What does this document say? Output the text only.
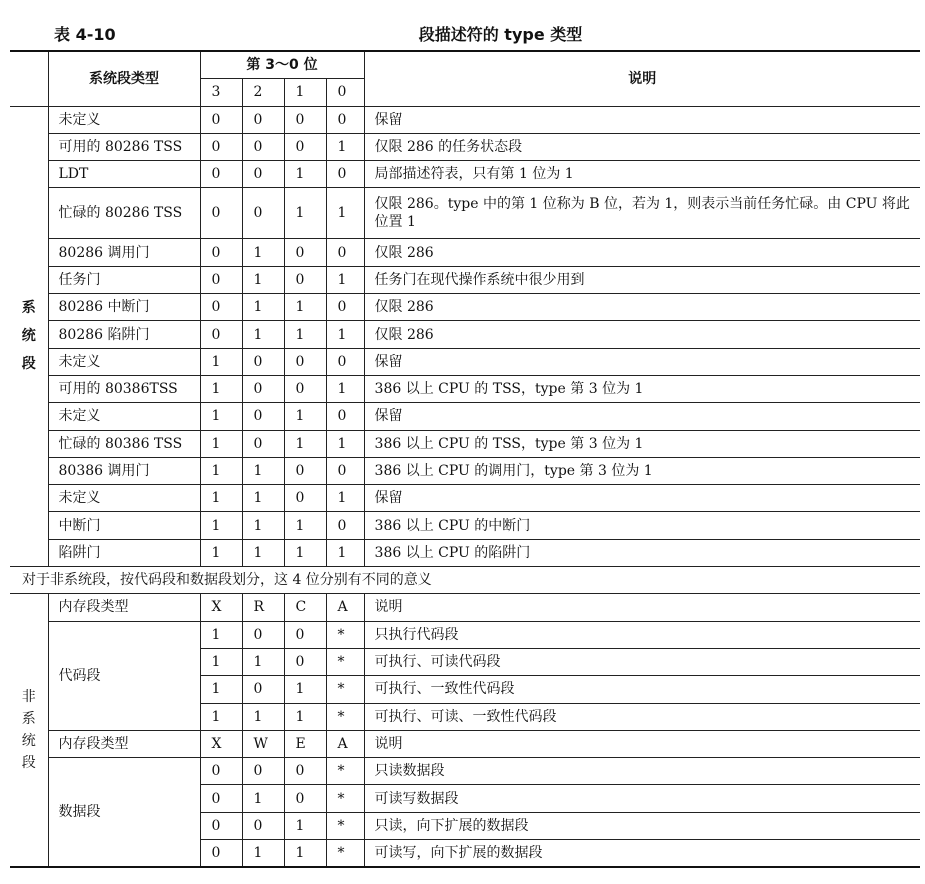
表 4-10	段描述符的 type 类型
	系统段类型	第 3～0 位				说明
		3	2	1	0	

系
统
段	未定义	0	0	0	0	保留
	可用的 80286 TSS	0	0	0	1	仅限 286 的任务状态段
	LDT	0	0	1	0	局部描述符表，只有第 1 位为 1
	忙碌的 80286 TSS	0	0	1	1	仅限 286。type 中的第 1 位称为 B 位，若为 1，则表示当前任务忙碌。由 CPU 将此位置 1
	80286 调用门	0	1	0	0	仅限 286
	任务门	0	1	0	1	任务门在现代操作系统中很少用到
	80286 中断门	0	1	1	0	仅限 286
	80286 陷阱门	0	1	1	1	仅限 286
	未定义	1	0	0	0	保留
	可用的 80386TSS	1	0	0	1	386 以上 CPU 的 TSS，type 第 3 位为 1
	未定义	1	0	1	0	保留
	忙碌的 80386 TSS	1	0	1	1	386 以上 CPU 的 TSS，type 第 3 位为 1
	80386 调用门	1	1	0	0	386 以上 CPU 的调用门，type 第 3 位为 1
	未定义	1	1	0	1	保留
	中断门	1	1	1	0	386 以上 CPU 的中断门
	陷阱门	1	1	1	1	386 以上 CPU 的陷阱门
对于非系统段，按代码段和数据段划分，这 4 位分别有不同的意义						

非
系
统
段	内存段类型	X	R	C	A	说明
	代码段	1	0	0	*	只执行代码段
		1	1	0	*	可执行、可读代码段
		1	0	1	*	可执行、一致性代码段
		1	1	1	*	可执行、可读、一致性代码段
	内存段类型	X	W	E	A	说明
	数据段	0	0	0	*	只读数据段
		0	1	0	*	可读写数据段
		0	0	1	*	只读，向下扩展的数据段
		0	1	1	*	可读写，向下扩展的数据段
